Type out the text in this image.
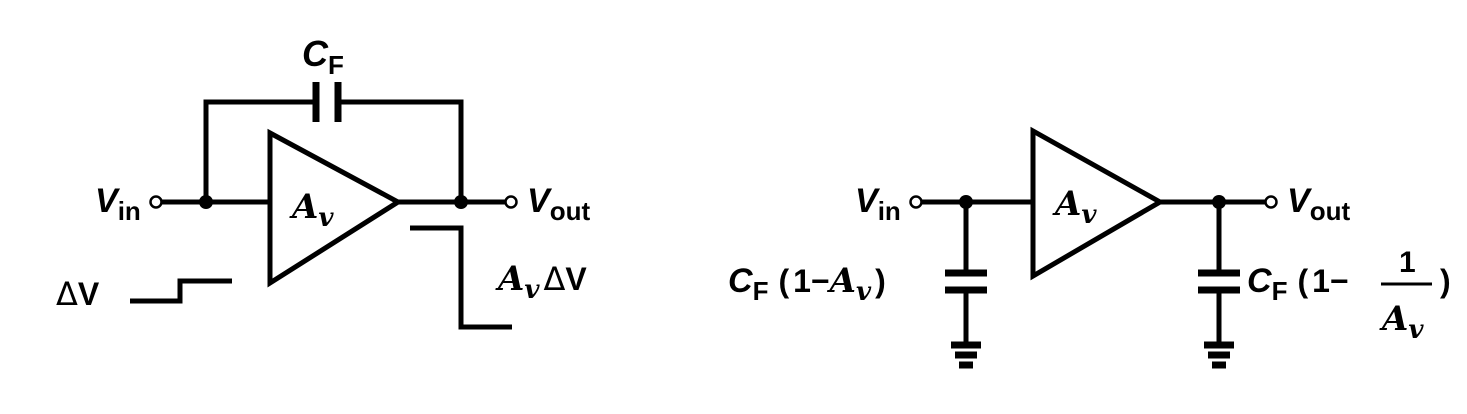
CF
Vin	Vout
Av
ΔV	Av ΔV
Vin	Vout
Av
CF ( 1−Av )	CF ( 1−
1
Av
)
